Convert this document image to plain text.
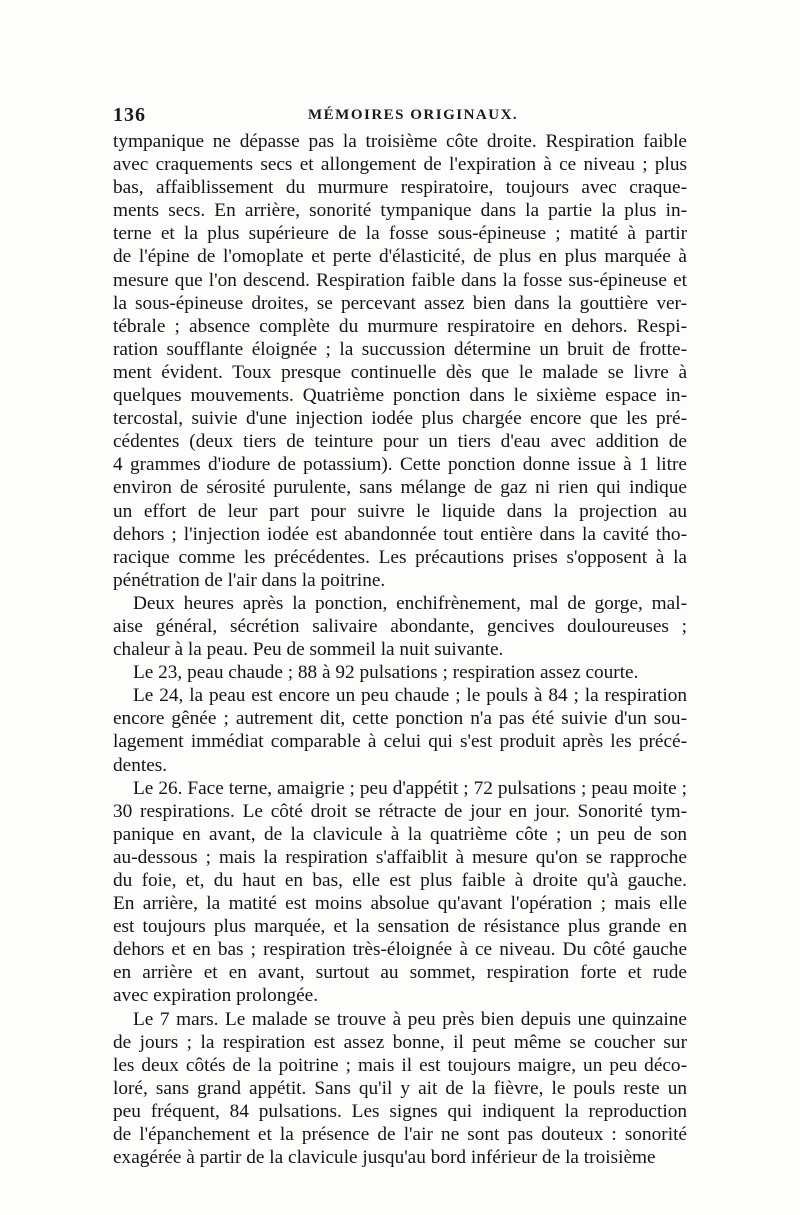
136	MÉMOIRES ORIGINAUX.
tympanique ne dépasse pas la troisième côte droite. Respiration faible
avec craquements secs et allongement de l'expiration à ce niveau ; plus
bas, affaiblissement du murmure respiratoire, toujours avec craque-
ments secs. En arrière, sonorité tympanique dans la partie la plus in-
terne et la plus supérieure de la fosse sous-épineuse ; matité à partir
de l'épine de l'omoplate et perte d'élasticité, de plus en plus marquée à
mesure que l'on descend. Respiration faible dans la fosse sus-épineuse et
la sous-épineuse droites, se percevant assez bien dans la gouttière ver-
tébrale ; absence complète du murmure respiratoire en dehors. Respi-
ration soufflante éloignée ; la succussion détermine un bruit de frotte-
ment évident. Toux presque continuelle dès que le malade se livre à
quelques mouvements. Quatrième ponction dans le sixième espace in-
tercostal, suivie d'une injection iodée plus chargée encore que les pré-
cédentes (deux tiers de teinture pour un tiers d'eau avec addition de
4 grammes d'iodure de potassium). Cette ponction donne issue à 1 litre
environ de sérosité purulente, sans mélange de gaz ni rien qui indique
un effort de leur part pour suivre le liquide dans la projection au
dehors ; l'injection iodée est abandonnée tout entière dans la cavité tho-
racique comme les précédentes. Les précautions prises s'opposent à la
pénétration de l'air dans la poitrine.
Deux heures après la ponction, enchifrènement, mal de gorge, mal-
aise général, sécrétion salivaire abondante, gencives douloureuses ;
chaleur à la peau. Peu de sommeil la nuit suivante.
Le 23, peau chaude ; 88 à 92 pulsations ; respiration assez courte.
Le 24, la peau est encore un peu chaude ; le pouls à 84 ; la respiration
encore gênée ; autrement dit, cette ponction n'a pas été suivie d'un sou-
lagement immédiat comparable à celui qui s'est produit après les précé-
dentes.
Le 26. Face terne, amaigrie ; peu d'appétit ; 72 pulsations ; peau moite ;
30 respirations. Le côté droit se rétracte de jour en jour. Sonorité tym-
panique en avant, de la clavicule à la quatrième côte ; un peu de son
au-dessous ; mais la respiration s'affaiblit à mesure qu'on se rapproche
du foie, et, du haut en bas, elle est plus faible à droite qu'à gauche.
En arrière, la matité est moins absolue qu'avant l'opération ; mais elle
est toujours plus marquée, et la sensation de résistance plus grande en
dehors et en bas ; respiration très-éloignée à ce niveau. Du côté gauche
en arrière et en avant, surtout au sommet, respiration forte et rude
avec expiration prolongée.
Le 7 mars. Le malade se trouve à peu près bien depuis une quinzaine
de jours ; la respiration est assez bonne, il peut même se coucher sur
les deux côtés de la poitrine ; mais il est toujours maigre, un peu déco-
loré, sans grand appétit. Sans qu'il y ait de la fièvre, le pouls reste un
peu fréquent, 84 pulsations. Les signes qui indiquent la reproduction
de l'épanchement et la présence de l'air ne sont pas douteux : sonorité
exagérée à partir de la clavicule jusqu'au bord inférieur de la troisième
